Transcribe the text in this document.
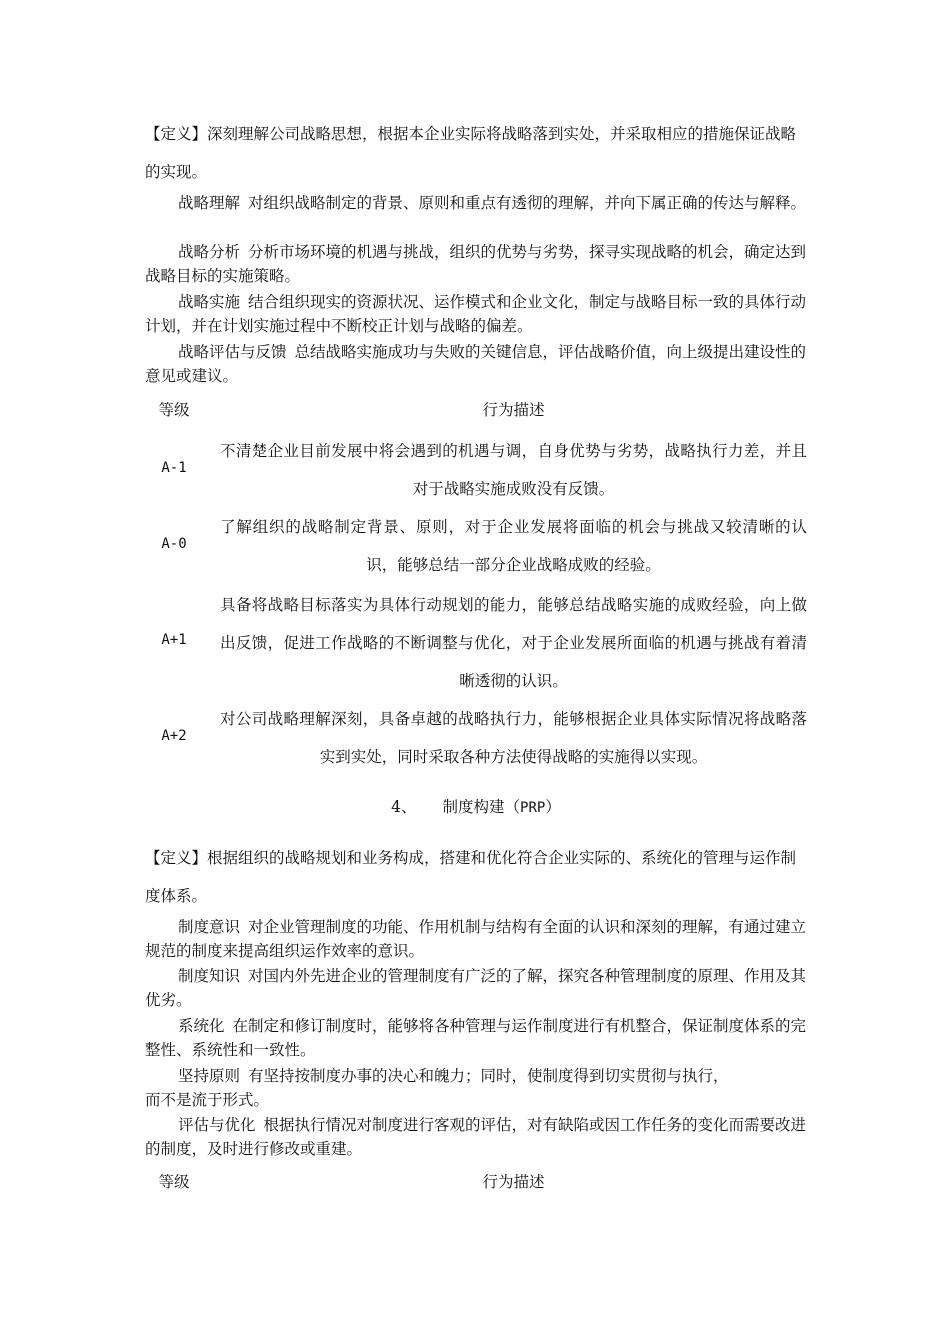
【定义】深刻理解公司战略思想，根据本企业实际将战略落到实处，并采取相应的措施保证战略的实现。

战略理解 对组织战略制定的背景、原则和重点有透彻的理解，并向下属正确的传达与解释。

战略分析 分析市场环境的机遇与挑战，组织的优势与劣势，探寻实现战略的机会，确定达到战略目标的实施策略。

战略实施 结合组织现实的资源状况、运作模式和企业文化，制定与战略目标一致的具体行动计划，并在计划实施过程中不断校正计划与战略的偏差。

战略评估与反馈 总结战略实施成功与失败的关键信息，评估战略价值，向上级提出建设性的意见或建议。

等级	行为描述
A-1

不清楚企业目前发展中将会遇到的机遇与调，自身优势与劣势，战略执行力差，并且对于战略实施成败没有反馈。

A-0

了解组织的战略制定背景、原则，对于企业发展将面临的机会与挑战又较清晰的认识，能够总结一部分企业战略成败的经验。

A+1

具备将战略目标落实为具体行动规划的能力，能够总结战略实施的成败经验，向上做出反馈，促进工作战略的不断调整与优化，对于企业发展所面临的机遇与挑战有着清晰透彻的认识。

A+2

对公司战略理解深刻，具备卓越的战略执行力，能够根据企业具体实际情况将战略落实到实处，同时采取各种方法使得战略的实施得以实现。

4、 制度构建（PRP）

【定义】根据组织的战略规划和业务构成，搭建和优化符合企业实际的、系统化的管理与运作制度体系。

制度意识 对企业管理制度的功能、作用机制与结构有全面的认识和深刻的理解，有通过建立规范的制度来提高组织运作效率的意识。

制度知识 对国内外先进企业的管理制度有广泛的了解，探究各种管理制度的原理、作用及其优劣。

系统化 在制定和修订制度时，能够将各种管理与运作制度进行有机整合，保证制度体系的完整性、系统性和一致性。

坚持原则 有坚持按制度办事的决心和魄力；同时，使制度得到切实贯彻与执行，

而不是流于形式。

评估与优化 根据执行情况对制度进行客观的评估，对有缺陷或因工作任务的变化而需要改进的制度，及时进行修改或重建。

等级	行为描述
